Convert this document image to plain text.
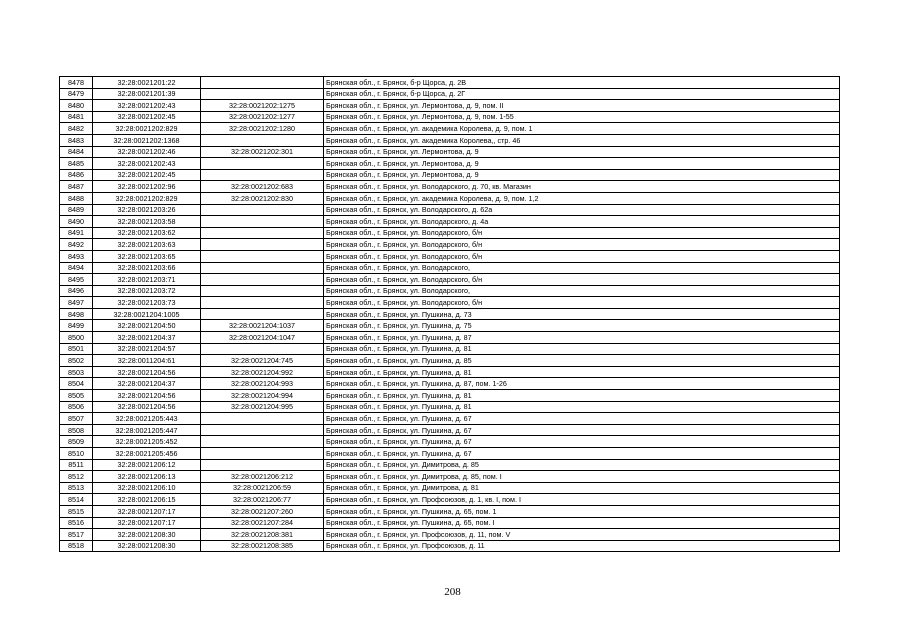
8478	32:28:0021201:22		Брянская обл., г. Брянск, б-р Щорса, д. 2В
8479	32:28:0021201:39		Брянская обл., г. Брянск, б-р Щорса, д. 2Г
8480	32:28:0021202:43	32:28:0021202:1275	Брянская обл., г. Брянск, ул. Лермонтова, д. 9, пом. II
8481	32:28:0021202:45	32:28:0021202:1277	Брянская обл., г. Брянск, ул. Лермонтова, д. 9, пом. 1-55
8482	32:28:0021202:829	32:28:0021202:1280	Брянская обл., г. Брянск, ул. академика Королева, д. 9, пом. 1
8483	32:28:0021202:1368		Брянская обл., г. Брянск, ул. академика Королева,, стр. 46
8484	32:28:0021202:46	32:28:0021202:301	Брянская обл., г. Брянск, ул. Лермонтова, д. 9
8485	32:28:0021202:43		Брянская обл., г. Брянск, ул. Лермонтова, д. 9
8486	32:28:0021202:45		Брянская обл., г. Брянск, ул. Лермонтова, д. 9
8487	32:28:0021202:96	32:28:0021202:683	Брянская обл., г. Брянск, ул. Володарского, д. 70, кв. Магазин
8488	32:28:0021202:829	32:28:0021202:830	Брянская обл., г. Брянск, ул. академика Королева, д. 9, пом. 1,2
8489	32:28:0021203:26		Брянская обл., г. Брянск, ул. Володарского, д. 62а
8490	32:28:0021203:58		Брянская обл., г. Брянск, ул. Володарского, д. 4а
8491	32:28:0021203:62		Брянская обл., г. Брянск, ул. Володарского, б/н
8492	32:28:0021203:63		Брянская обл., г. Брянск, ул. Володарского, б/н
8493	32:28:0021203:65		Брянская обл., г. Брянск, ул. Володарского, б/н
8494	32:28:0021203:66		Брянская обл., г. Брянск, ул. Володарского,
8495	32:28:0021203:71		Брянская обл., г. Брянск, ул. Володарского, б/н
8496	32:28:0021203:72		Брянская обл., г. Брянск, ул. Володарского,
8497	32:28:0021203:73		Брянская обл., г. Брянск, ул. Володарского, б/н
8498	32:28:0021204:1005		Брянская обл., г. Брянск, ул. Пушкина, д. 73
8499	32:28:0021204:50	32:28:0021204:1037	Брянская обл., г. Брянск, ул. Пушкина, д. 75
8500	32:28:0021204:37	32:28:0021204:1047	Брянская обл., г. Брянск, ул. Пушкина, д. 87
8501	32:28:0021204:57		Брянская обл., г. Брянск, ул. Пушкина, д. 81
8502	32:28:0011204:61	32:28:0021204:745	Брянская обл., г. Брянск, ул. Пушкина, д. 85
8503	32:28:0021204:56	32:28:0021204:992	Брянская обл., г. Брянск, ул. Пушкина, д. 81
8504	32:28:0021204:37	32:28:0021204:993	Брянская обл., г. Брянск, ул. Пушкина, д. 87, пом. 1-26
8505	32:28:0021204:56	32:28:0021204:994	Брянская обл., г. Брянск, ул. Пушкина, д. 81
8506	32:28:0021204:56	32:28:0021204:995	Брянская обл., г. Брянск, ул. Пушкина, д. 81
8507	32:28:0021205:443		Брянская обл., г. Брянск, ул. Пушкина, д. 67
8508	32:28:0021205:447		Брянская обл., г. Брянск, ул. Пушкина, д. 67
8509	32:28:0021205:452		Брянская обл., г. Брянск, ул. Пушкина, д. 67
8510	32:28:0021205:456		Брянская обл., г. Брянск, ул. Пушкина, д. 67
8511	32:28:0021206:12		Брянская обл., г. Брянск, ул. Димитрова, д. 85
8512	32:28:0021206:13	32:28:0021206:212	Брянская обл., г. Брянск, ул. Димитрова, д. 85, пом. I
8513	32:28:0021206:10	32:28:0021206:59	Брянская обл., г. Брянск, ул. Димитрова, д. 81
8514	32:28:0021206:15	32:28:0021206:77	Брянская обл., г. Брянск, ул. Профсоюзов, д. 1, кв. I, пом. I
8515	32:28:0021207:17	32:28:0021207:260	Брянская обл., г. Брянск, ул. Пушкина, д. 65, пом. 1
8516	32:28:0021207:17	32:28:0021207:284	Брянская обл., г. Брянск, ул. Пушкина, д. 65, пом. I
8517	32:28:0021208:30	32:28:0021208:381	Брянская обл., г. Брянск, ул. Профсоюзов, д. 11, пом. V
8518	32:28:0021208:30	32:28:0021208:385	Брянская обл., г. Брянск, ул. Профсоюзов, д. 11
208
